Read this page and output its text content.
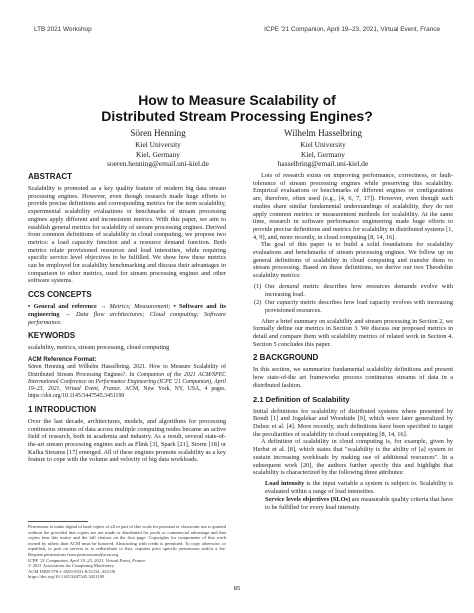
LTB 2021 Workshop	ICPE '21 Companion, April 19–23, 2021, Virtual Event, France
How to Measure Scalability of
Distributed Stream Processing Engines?
Sören Henning
Kiel University
Kiel, Germany
soeren.henning@email.uni-kiel.de
Wilhelm Hasselbring
Kiel University
Kiel, Germany
hasselbring@email.uni-kiel.de
ABSTRACT

Scalability is promoted as a key quality feature of modern big data stream processing engines. However, even though research made huge efforts to provide precise definitions and corresponding metrics for the term scalability, experimental scalability evaluations or benchmarks of stream processing engines apply different and inconsistent metrics. With this paper, we aim to establish general metrics for scalability of stream processing engines. Derived from common definitions of scalability in cloud computing, we propose two metrics: a load capacity function and a resource demand function. Both metrics relate provisioned resources and load intensities, while requiring specific service level objectives to be fulfilled. We show how these metrics can be employed for scalability benchmarking and discuss their advantages in comparison to other metrics, used for stream processing engines and other software systems.

CCS CONCEPTS

• General and reference → Metrics; Measurement; • Software and its engineering → Data flow architectures; Cloud computing; Software performance.

KEYWORDS

scalability, metrics, stream processing, cloud computing

ACM Reference Format:

Sören Henning and Wilhelm Hasselbring. 2021. How to Measure Scalability of Distributed Stream Processing Engines?. In Companion of the 2021 ACM/SPEC International Conference on Performance Engineering (ICPE '21 Companion), April 19–23, 2021, Virtual Event, France. ACM, New York, NY, USA, 4 pages. https://doi.org/10.1145/3447545.3451190

1 INTRODUCTION

Over the last decade, architectures, models, and algorithms for processing continuous streams of data across multiple computing nodes became an active field of research, both in academia and industry. As a result, several state-of-the-art stream processing engines such as Flink [3], Spark [21], Storm [18] or Kafka Streams [17] emerged. All of these engines promote scalability as a key feature to cope with the volume and velocity of big data workloads.

Permission to make digital or hard copies of all or part of this work for personal or classroom use is granted without fee provided that copies are not made or distributed for profit or commercial advantage and that copies bear this notice and the full citation on the first page. Copyrights for components of this work owned by others than ACM must be honored. Abstracting with credit is permitted. To copy otherwise, or republish, to post on servers or to redistribute to lists, requires prior specific permission and/or a fee. Request permissions from permissions@acm.org.
ICPE '21 Companion, April 19–23, 2021, Virtual Event, France
© 2021 Association for Computing Machinery.
ACM ISBN 978-1-4503-8331-8/21/04...$15.00
https://doi.org/10.1145/3447545.3451190

Lots of research exists on improving performance, correctness, or fault-tolerance of stream processing engines while preserving this scalability. Empirical evaluations or benchmarks of different engines or configurations are, therefore, often used (e.g., [4, 6, 7, 17]). However, even though such studies share similar fundamental understandings of scalability, they do not apply common metrics or measurement methods for scalability. At the same time, research in software performance engineering made huge efforts to provide precise definitions and metrics for scalability in distributed systems [1, 4, 9], and, more recently, in cloud computing [8, 14, 16].

The goal of this paper is to build a solid foundations for scalability evaluations and benchmarks of stream processing engines. We follow up on general definitions of scalability in cloud computing and transfer them to stream processing. Based on these definitions, we derive our two Theodolite scalability metrics:

(1) Our demand metric describes how resources demands evolve with increasing load.
(2) Our capacity metric describes how load capacity evolves with increasing provisioned resources.

After a brief summary on scalability and stream processing in Section 2, we formally define our metrics in Section 3. We discuss our proposed metrics in detail and compare them with scalability metrics of related work in Section 4. Section 5 concludes this paper.

2 BACKGROUND

In this section, we summarize fundamental scalability definitions and present how state-of-the art frameworks process continuous streams of data in a distributed fashion.

2.1 Definition of Scalability

Initial definitions for scalability of distributed systems where presented by Bondi [1] and Jogalekar and Woodside [9], which were later generalized by Duboc et al. [4]. More recently, such definitions have been specified to target the peculiarities of scalability in cloud computing [8, 14, 16].

A definition of scalability in cloud computing is, for example, given by Herbst et al. [8], which states that "scalability is the ability of [a] system to sustain increasing workloads by making use of additional resources". In a subsequent work [20], the authors further specify this and highlight that scalability is characterized by the following three attributes:

Load intensity is the input variable a system is subject to. Scalability is evaluated within a range of load intensities.
Service levels objectives (SLOs) are measurable quality criteria that have to be fulfilled for every load intensity.
85
